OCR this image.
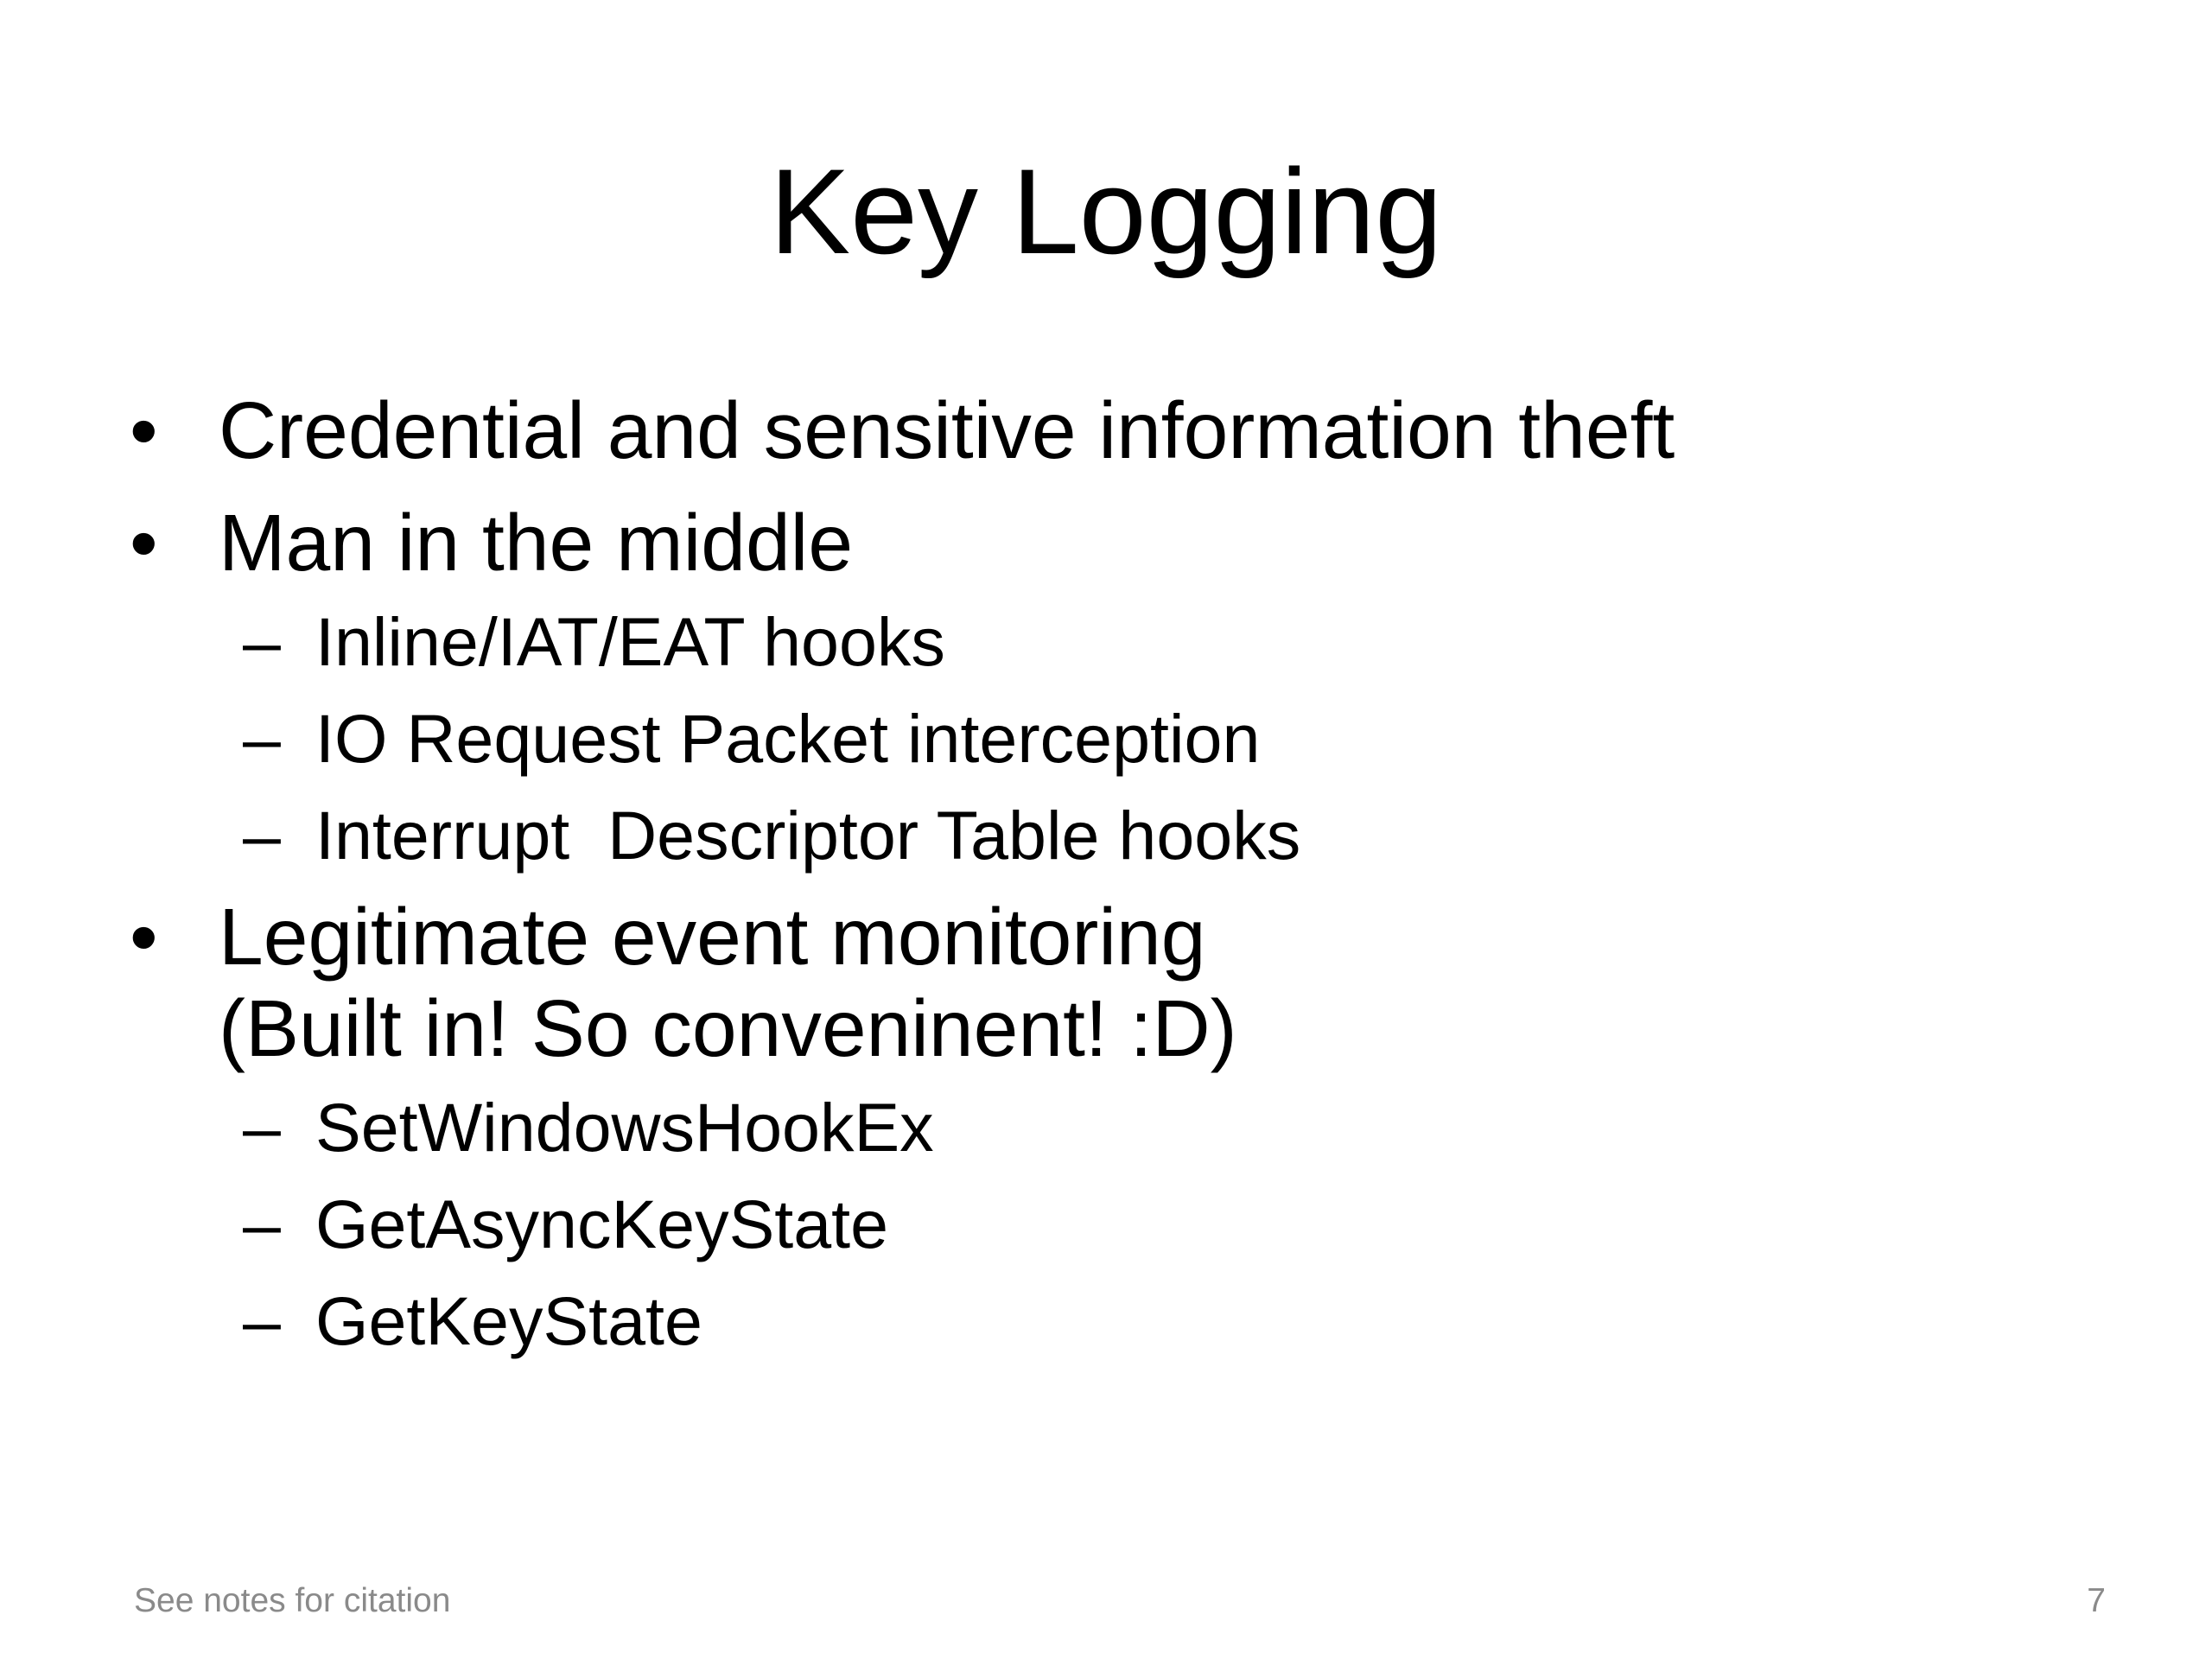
Key Logging
• Credential and sensitive information theft
• Man in the middle
– Inline/IAT/EAT hooks
– IO Request Packet interception
– Interrupt  Descriptor Table hooks
• Legitimate event monitoring
(Built in! So conveninent! :D)
– SetWindowsHookEx
– GetAsyncKeyState
– GetKeyState
See notes for citation	7
